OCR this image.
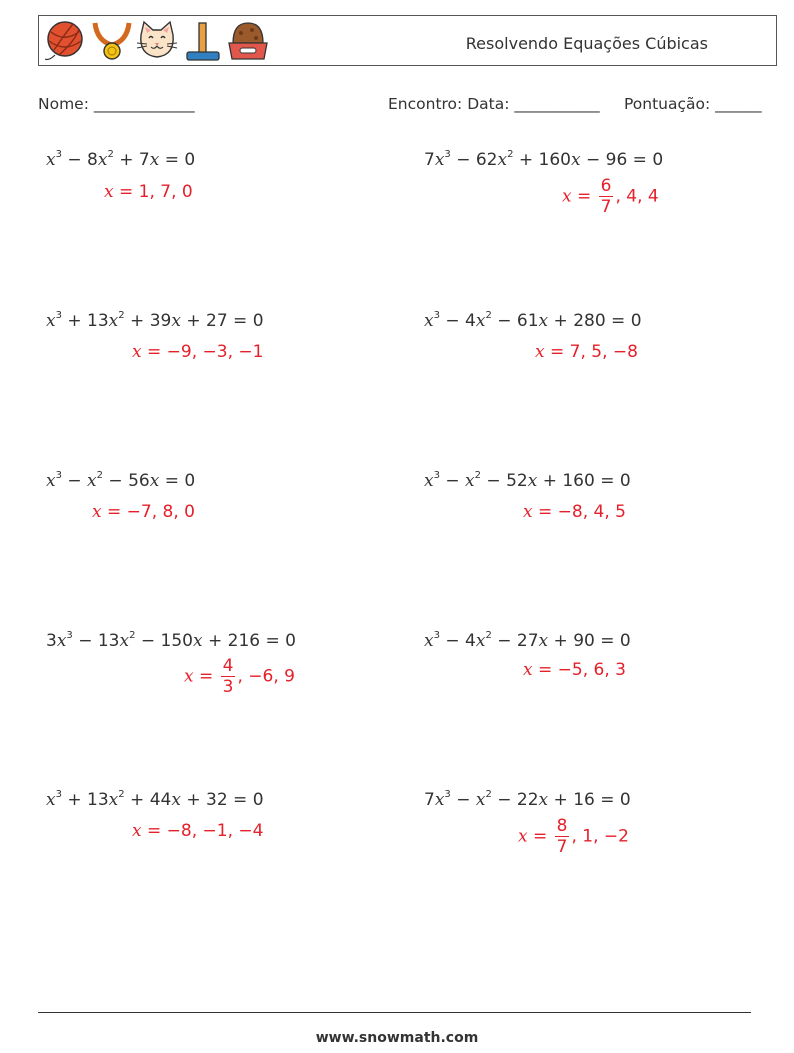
Resolvendo Equações Cúbicas
Nome: _____________	Encontro: Data: ___________ Pontuação: ______
$x^3 - 8x^2 + 7x = 0$
x = 1, 7, 0
$7x^3 - 62x^2 + 160x - 96 = 0$
$x = \frac{6}{7}$ , 4, 4
$x^3 + 13x^2 + 39x + 27 = 0$
x = −9, −3, −1
$x^3 - 4x^2 - 61x + 280 = 0$
x = 7, 5, −8
$x^3 - x^2 - 56x = 0$
x = −7, 8, 0
$x^3 - x^2 - 52x + 160 = 0$
x = −8, 4, 5
$3x^3 - 13x^2 - 150x + 216 = 0$
$x = \frac{4}{3}$ , −6, 9
$x^3 - 4x^2 - 27x + 90 = 0$
x = −5, 6, 3
$x^3 + 13x^2 + 44x + 32 = 0$
x = −8, −1, −4
$7x^3 - x^2 - 22x + 16 = 0$
$x = \frac{8}{7}$ , 1, −2
www.snowmath.com
